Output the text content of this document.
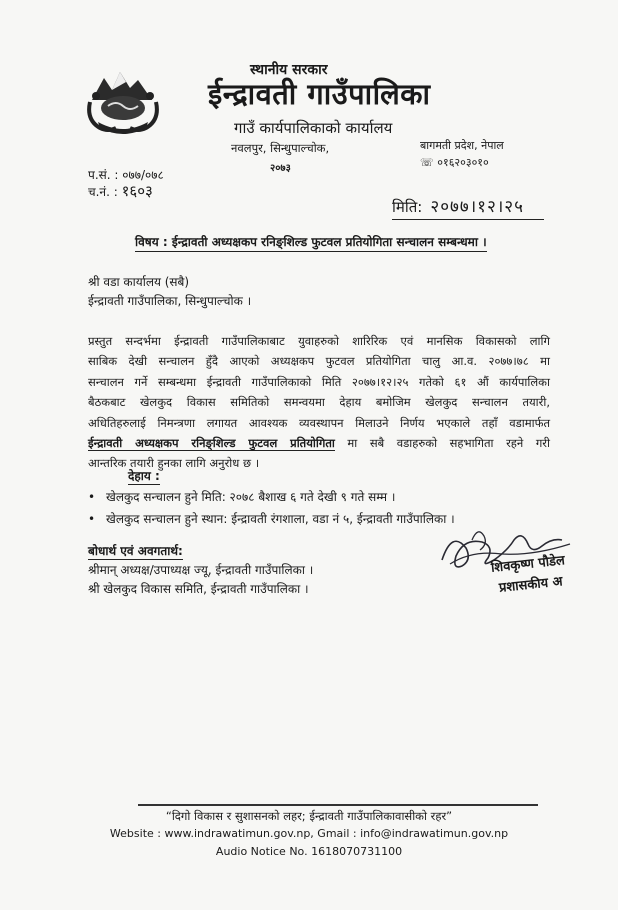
स्थानीय सरकार
ईन्द्रावती गाउँपालिका
गाउँ कार्यपालिकाको कार्यालय
नवलपुर, सिन्धुपाल्चोक,
२०७३
बागमती प्रदेश, नेपाल
☏ ०१६२०३०१०
प.सं. : ०७७/०७८
च.नं. : १६०३
मिति: २०७७।१२।२५
विषय : ईन्द्रावती अध्यक्षकप रनिङ्शिल्ड फुटवल प्रतियोगिता सन्चालन सम्बन्धमा ।
श्री वडा कार्यालय (सबै)
ईन्द्रावती गाउँपालिका, सिन्धुपाल्चोक ।
प्रस्तुत सन्दर्भमा ईन्द्रावती गाउँपालिकाबाट युवाहरुको शारिरिक एवं मानसिक विकासको लागि
साबिक देखी सन्चालन हुँदै आएको अध्यक्षकप फुटवल प्रतियोगिता चालु आ.व. २०७७।७८ मा
सन्चालन गर्ने सम्बन्धमा ईन्द्रावती गाउँपालिकाको मिति २०७७।१२।२५ गतेको ६१ औं कार्यपालिका
बैठकबाट खेलकुद विकास समितिको समन्वयमा देहाय बमोजिम खेलकुद सन्चालन तयारी,
अधितिहरुलाई निमन्त्रणा लगायत आवश्यक व्यवस्थापन मिलाउने निर्णय भएकाले तहाँ वडामार्फत
ईन्द्रावती अध्यक्षकप रनिङ्शिल्ड फुटवल प्रतियोगिता मा सबै वडाहरुको सहभागिता रहने गरी
आन्तरिक तयारी हुनका लागि अनुरोध छ ।
देहाय :
• खेलकुद सन्चालन हुने मिति: २०७८ बैशाख ६ गते देखी ९ गते सम्म ।
• खेलकुद सन्चालन हुने स्थान: ईन्द्रावती रंगशाला, वडा नं ५, ईन्द्रावती गाउँपालिका ।
बोधार्थ एवं अवगतार्थ:
श्रीमान् अध्यक्ष/उपाध्यक्ष ज्यू, ईन्द्रावती गाउँपालिका ।
श्री खेलकुद विकास समिति, ईन्द्रावती गाउँपालिका ।
शिवकृष्ण पौडेल
प्रशासकीय अ
“दिगो विकास र सुशासनको लहर; ईन्द्रावती गाउँपालिकावासीको रहर”
Website : www.indrawatimun.gov.np, Gmail : info@indrawatimun.gov.np
Audio Notice No. 1618070731100
